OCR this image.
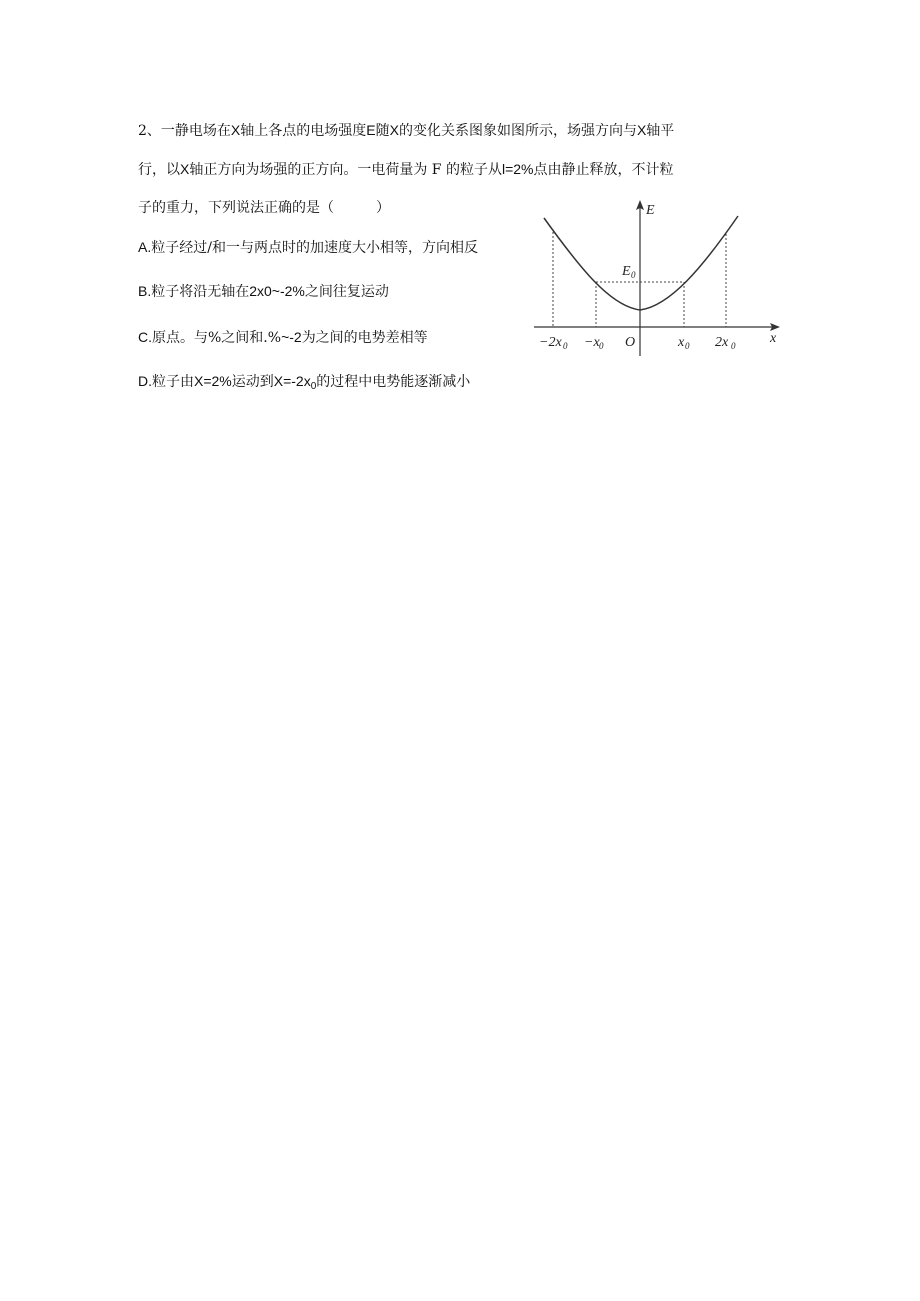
2、一静电场在X轴上各点的电场强度E随X的变化关系图象如图所示，场强方向与X轴平
行，以X轴正方向为场强的正方向。一电荷量为 F 的粒子从l=2%点由静止释放，不计粒
子的重力，下列说法正确的是（　　　）
A.粒子经过/和一与两点时的加速度大小相等，方向相反
B.粒子将沿无轴在2x0~-2%之间往复运动
C.原点。与%之间和.%~-2为之间的电势差相等
D.粒子由X=2%运动到$X=-2x_0$的过程中电势能逐渐减小
E
x
O
E 0
−2x 0 −x 0	x 0 2x 0
